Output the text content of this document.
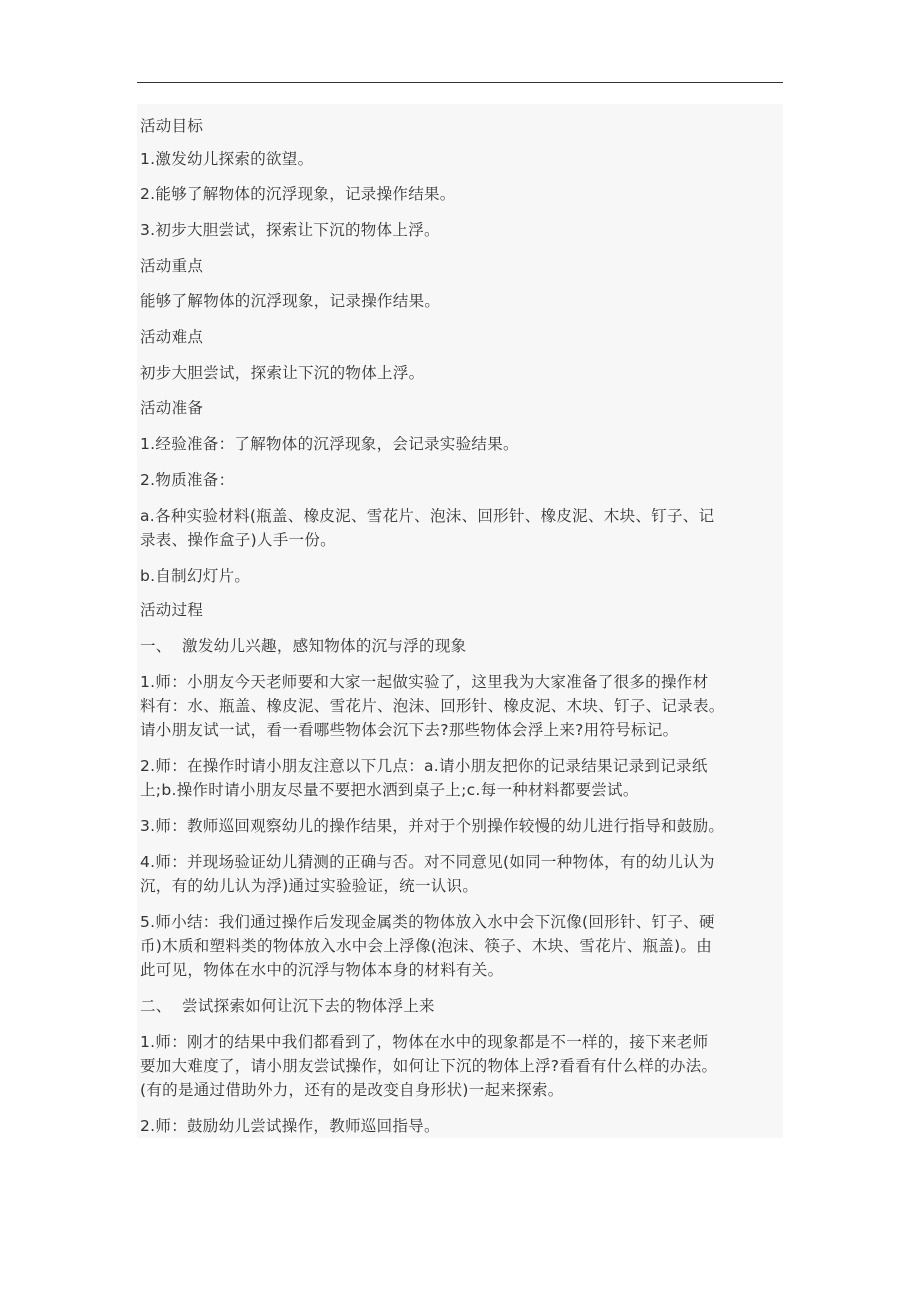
活动目标

1.激发幼儿探索的欲望。

2.能够了解物体的沉浮现象，记录操作结果。

3.初步大胆尝试，探索让下沉的物体上浮。

活动重点

能够了解物体的沉浮现象，记录操作结果。

活动难点

初步大胆尝试，探索让下沉的物体上浮。

活动准备

1.经验准备：了解物体的沉浮现象，会记录实验结果。

2.物质准备：

a.各种实验材料(瓶盖、橡皮泥、雪花片、泡沫、回形针、橡皮泥、木块、钉子、记
录表、操作盒子)人手一份。

b.自制幻灯片。

活动过程

一、  激发幼儿兴趣，感知物体的沉与浮的现象

1.师：小朋友今天老师要和大家一起做实验了，这里我为大家准备了很多的操作材
料有：水、瓶盖、橡皮泥、雪花片、泡沫、回形针、橡皮泥、木块、钉子、记录表。
请小朋友试一试，看一看哪些物体会沉下去?那些物体会浮上来?用符号标记。

2.师：在操作时请小朋友注意以下几点：a.请小朋友把你的记录结果记录到记录纸
上;b.操作时请小朋友尽量不要把水洒到桌子上;c.每一种材料都要尝试。

3.师：教师巡回观察幼儿的操作结果，并对于个别操作较慢的幼儿进行指导和鼓励。

4.师：并现场验证幼儿猜测的正确与否。对不同意见(如同一种物体，有的幼儿认为
沉，有的幼儿认为浮)通过实验验证，统一认识。

5.师小结：我们通过操作后发现金属类的物体放入水中会下沉像(回形针、钉子、硬
币)木质和塑料类的物体放入水中会上浮像(泡沫、筷子、木块、雪花片、瓶盖)。由
此可见，物体在水中的沉浮与物体本身的材料有关。

二、  尝试探索如何让沉下去的物体浮上来

1.师：刚才的结果中我们都看到了，物体在水中的现象都是不一样的，接下来老师
要加大难度了，请小朋友尝试操作，如何让下沉的物体上浮?看看有什么样的办法。
(有的是通过借助外力，还有的是改变自身形状)一起来探索。

2.师：鼓励幼儿尝试操作，教师巡回指导。
